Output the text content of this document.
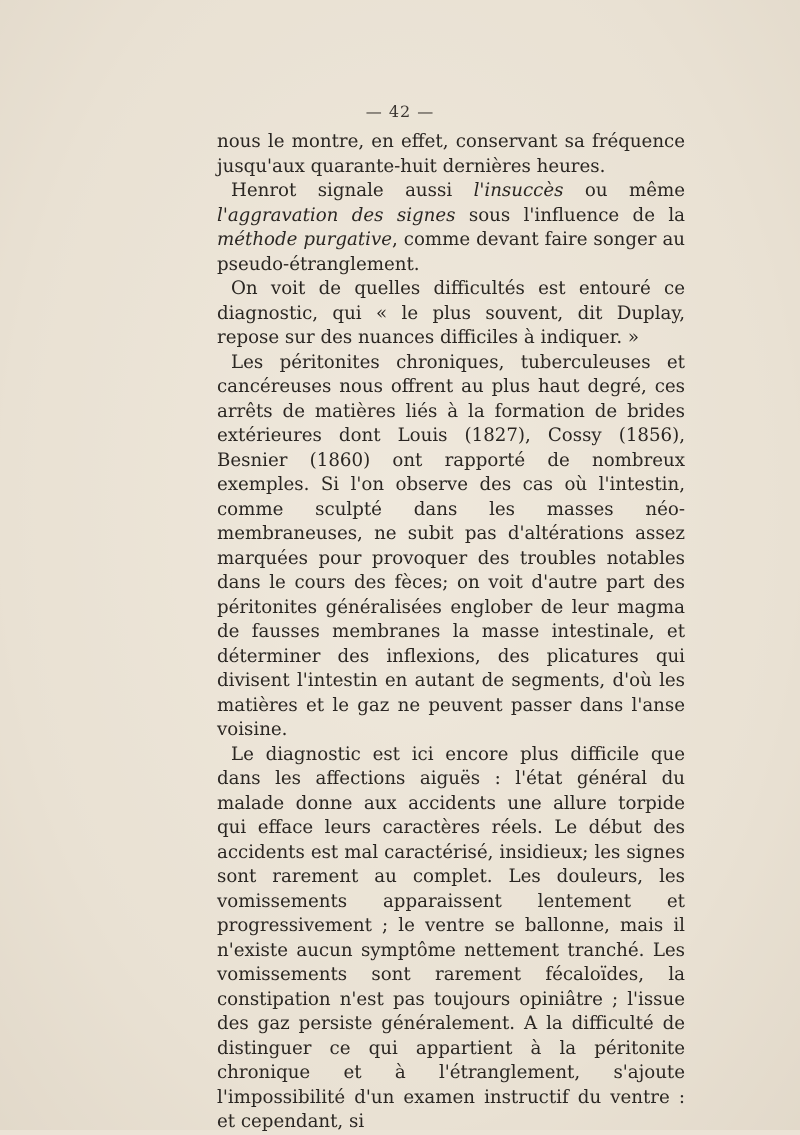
— 42 —

nous le montre, en effet, conservant sa fréquence jusqu'aux quarante-huit dernières heures.

Henrot signale aussi l'insuccès ou même l'aggravation des signes sous l'influence de la méthode purgative, comme devant faire songer au pseudo-étranglement.

On voit de quelles difficultés est entouré ce diagnostic, qui « le plus souvent, dit Duplay, repose sur des nuances difficiles à indiquer. »

Les péritonites chroniques, tuberculeuses et cancéreuses nous offrent au plus haut degré, ces arrêts de matières liés à la formation de brides extérieures dont Louis (1827), Cossy (1856), Besnier (1860) ont rapporté de nombreux exemples. Si l'on observe des cas où l'intestin, comme sculpté dans les masses néo-membraneuses, ne subit pas d'altérations assez marquées pour provoquer des troubles notables dans le cours des fèces; on voit d'autre part des péritonites généralisées englober de leur magma de fausses membranes la masse intestinale, et déterminer des inflexions, des plicatures qui divisent l'intestin en autant de segments, d'où les matières et le gaz ne peuvent passer dans l'anse voisine.

Le diagnostic est ici encore plus difficile que dans les affections aiguës : l'état général du malade donne aux accidents une allure torpide qui efface leurs caractères réels. Le début des accidents est mal caractérisé, insidieux; les signes sont rarement au complet. Les douleurs, les vomissements apparaissent lentement et progressivement ; le ventre se ballonne, mais il n'existe aucun symptôme nettement tranché. Les vomissements sont rarement fécaloïdes, la constipation n'est pas toujours opiniâtre ; l'issue des gaz persiste généralement. A la difficulté de distinguer ce qui appartient à la péritonite chronique et à l'étranglement, s'ajoute l'impossibilité d'un examen instructif du ventre : et cependant, si
